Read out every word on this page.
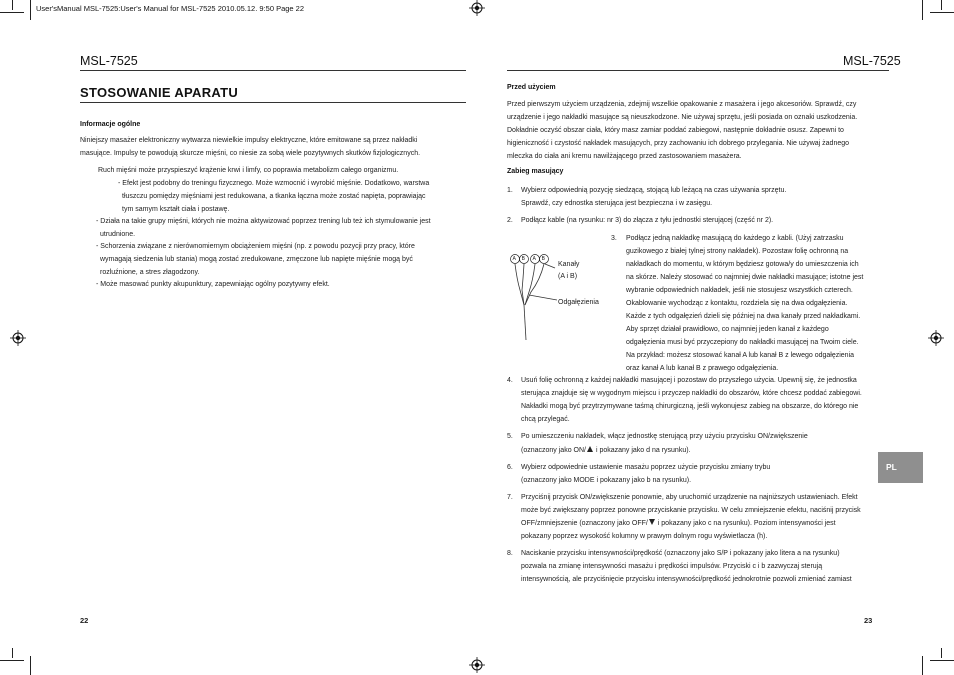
User'sManual MSL-7525:User's Manual for MSL-7525 2010.05.12. 9:50 Page 22
MSL-7525
STOSOWANIE APARATU
Informacje ogólne

Niniejszy masażer elektroniczny wytwarza niewielkie impulsy elektryczne, które emitowane są przez nakładki

masujące. Impulsy te powodują skurcze mięśni, co niesie za sobą wiele pozytywnych skutków fizjologicznych.

Ruch mięśni może przyspieszyć krążenie krwi i limfy, co poprawia metabolizm całego organizmu.

- Efekt jest podobny do treningu fizycznego. Może wzmocnić i wyrobić mięśnie. Dodatkowo, warstwa

tłuszczu pomiędzy mięśniami jest redukowana, a tkanka łączna może zostać napięta, poprawiając

tym samym kształt ciała i postawę.

- Działa na takie grupy mięśni, których nie można aktywizować poprzez trening lub też ich stymulowanie jest

utrudnione.

- Schorzenia związane z nierównomiernym obciążeniem mięśni (np. z powodu pozycji przy pracy, które

wymagają siedzenia lub stania) mogą zostać zredukowane, zmęczone lub napięte mięśnie mogą być

rozluźnione, a stres złagodzony.

- Może masować punkty akupunktury, zapewniając ogólny pozytywny efekt.
22
MSL-7525
Przed użyciem

Przed pierwszym użyciem urządzenia, zdejmij wszelkie opakowanie z masażera i jego akcesoriów. Sprawdź, czy

urządzenie i jego nakładki masujące są nieuszkodzone. Nie używaj sprzętu, jeśli posiada on oznaki uszkodzenia.

Dokładnie oczyść obszar ciała, który masz zamiar poddać zabiegowi, następnie dokładnie osusz. Zapewni to

higieniczność i czystość nakładek masujących, przy zachowaniu ich dobrego przylegania. Nie używaj żadnego

mleczka do ciała ani kremu nawilżającego przed zastosowaniem masażera.

Zabieg masujący
1. Wybierz odpowiednią pozycję siedzącą, stojącą lub leżącą na czas używania sprzętu.

Sprawdź, czy ednostka sterująca jest bezpieczna i w zasięgu.

2. Podłącz kable (na rysunku: nr 3) do złącza z tyłu jednostki sterującej (część nr 2).
A B A B
Kanały
(A i B)
Odgałęzienia
3. Podłącz jedną nakładkę masującą do każdego z kabli. (Użyj zatrzasku

guzikowego z białej tylnej strony nakładek). Pozostaw folię ochronną na

nakładkach do momentu, w którym będziesz gotowa/y do umieszczenia ich

na skórze. Należy stosować co najmniej dwie nakładki masujące; istotne jest

wybranie odpowiednich nakładek, jeśli nie stosujesz wszystkich czterech.

Okablowanie wychodząc z kontaktu, rozdziela się na dwa odgałęzienia.

Każde z tych odgałęzień dzieli się później na dwa kanały przed nakładkami.

Aby sprzęt działał prawidłowo, co najmniej jeden kanał z każdego

odgałęzienia musi być przyczepiony do nakładki masującej na Twoim ciele.

Na przykład: możesz stosować kanał A lub kanał B z lewego odgałęzienia

oraz kanał A lub kanał B z prawego odgałęzienia.

4. Usuń folię ochronną z każdej nakładki masującej i pozostaw do przyszłego użycia. Upewnij się, że jednostka

sterująca znajduje się w wygodnym miejscu i przyczep nakładki do obszarów, które chcesz poddać zabiegowi.

Nakładki mogą być przytrzymywane taśmą chirurgiczną, jeśli wykonujesz zabieg na obszarze, do którego nie

chcą przylegać.

5. Po umieszczeniu nakładek, włącz jednostkę sterującą przy użyciu przycisku ON/zwiększenie

(oznaczony jako ON/ i pokazany jako d na rysunku).

6. Wybierz odpowiednie ustawienie masażu poprzez użycie przycisku zmiany trybu

(oznaczony jako MODE i pokazany jako b na rysunku).

7. Przyciśnij przycisk ON/zwiększenie ponownie, aby uruchomić urządzenie na najniższych ustawieniach. Efekt

może być zwiększany poprzez ponowne przyciskanie przycisku. W celu zmniejszenie efektu, naciśnij przycisk

OFF/zmniejszenie (oznaczony jako OFF/ i pokazany jako c na rysunku). Poziom intensywności jest

pokazany poprzez wysokość kolumny w prawym dolnym rogu wyświetlacza (h).

8. Naciskanie przycisku intensywności/prędkość (oznaczony jako S/P i pokazany jako litera a na rysunku)

pozwala na zmianę intensywności masażu i prędkości impulsów. Przyciski c i b zazwyczaj sterują

intensywnością, ale przyciśnięcie przycisku intensywności/prędkość jednokrotnie pozwoli zmieniać zamiast

PL
23
